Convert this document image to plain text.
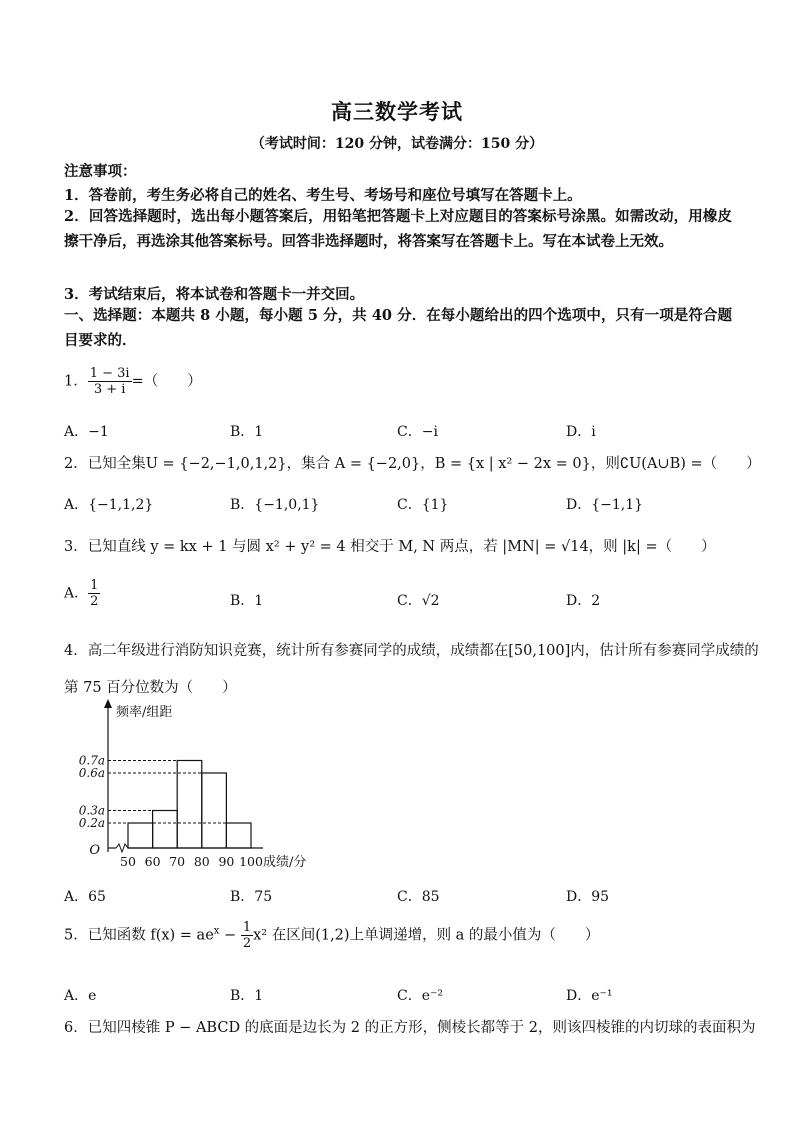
高三数学考试
（考试时间：120 分钟，试卷满分：150 分）
注意事项：
1．答卷前，考生务必将自己的姓名、考生号、考场号和座位号填写在答题卡上。
2．回答选择题时，选出每小题答案后，用铅笔把答题卡上对应题目的答案标号涂黑。如需改动，用橡皮擦干净后，再选涂其他答案标号。回答非选择题时，将答案写在答题卡上。写在本试卷上无效。
3．考试结束后，将本试卷和答题卡一并交回。
一、选择题：本题共 8 小题，每小题 5 分，共 40 分．在每小题给出的四个选项中，只有一项是符合题目要求的．
1． $\frac{1 - 3i}{3 + i}$ =（　　）
A．−1	B．1	C．−i	D．i
2．已知全集U = {−2,−1,0,1,2}，集合 A = {−2,0}，B = {x | x² − 2x = 0}，则∁U(A∪B) =（　　）
A．{−1,1,2}	B．{−1,0,1}	C．{1}	D．{−1,1}
3．已知直线 y = kx + 1 与圆 x² + y² = 4 相交于 M, N 两点，若 |MN| = √14，则 |k| =（　　）
A． $\frac{1}{2}$	B．1	C．√2	D．2
4．高二年级进行消防知识竞赛，统计所有参赛同学的成绩，成绩都在[50,100]内，估计所有参赛同学成绩的
第 75 百分位数为（　　）
0.7a
0.6a
0.3a
0.2a
50 60 70 80 90 100
O
频率/组距
成绩/分
A．65	B．75	C．85	D．95
5．已知函数 $f(x) = ae^x - \frac{1}{2} x^2$ 在区间(1,2)上单调递增，则 a 的最小值为（　　）
A．e	B．1	C．e⁻²	D．e⁻¹
6．已知四棱锥 P − ABCD 的底面是边长为 2 的正方形，侧棱长都等于 2，则该四棱锥的内切球的表面积为
